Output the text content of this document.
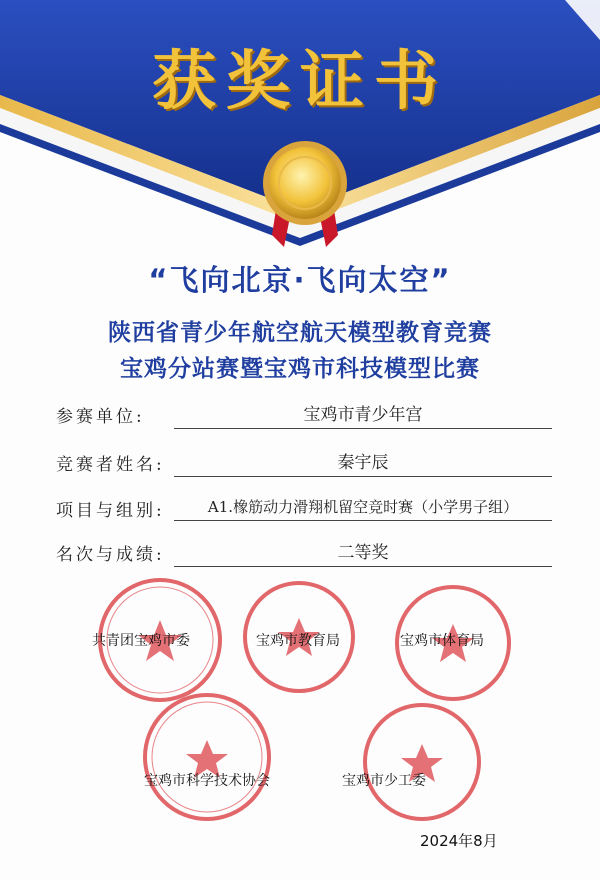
获奖证书
“飞向北京·飞向太空”
陕西省青少年航空航天模型教育竞赛
宝鸡分站赛暨宝鸡市科技模型比赛
参赛单位:	宝鸡市青少年宫
竞赛者姓名:	秦宇辰
项目与组别:	A1.橡筋动力滑翔机留空竞时赛（小学男子组）
名次与成绩:	二等奖
共青团宝鸡市委	宝鸡市教育局	宝鸡市体育局
宝鸡市科学技术协会	宝鸡市少工委
2024年8月
